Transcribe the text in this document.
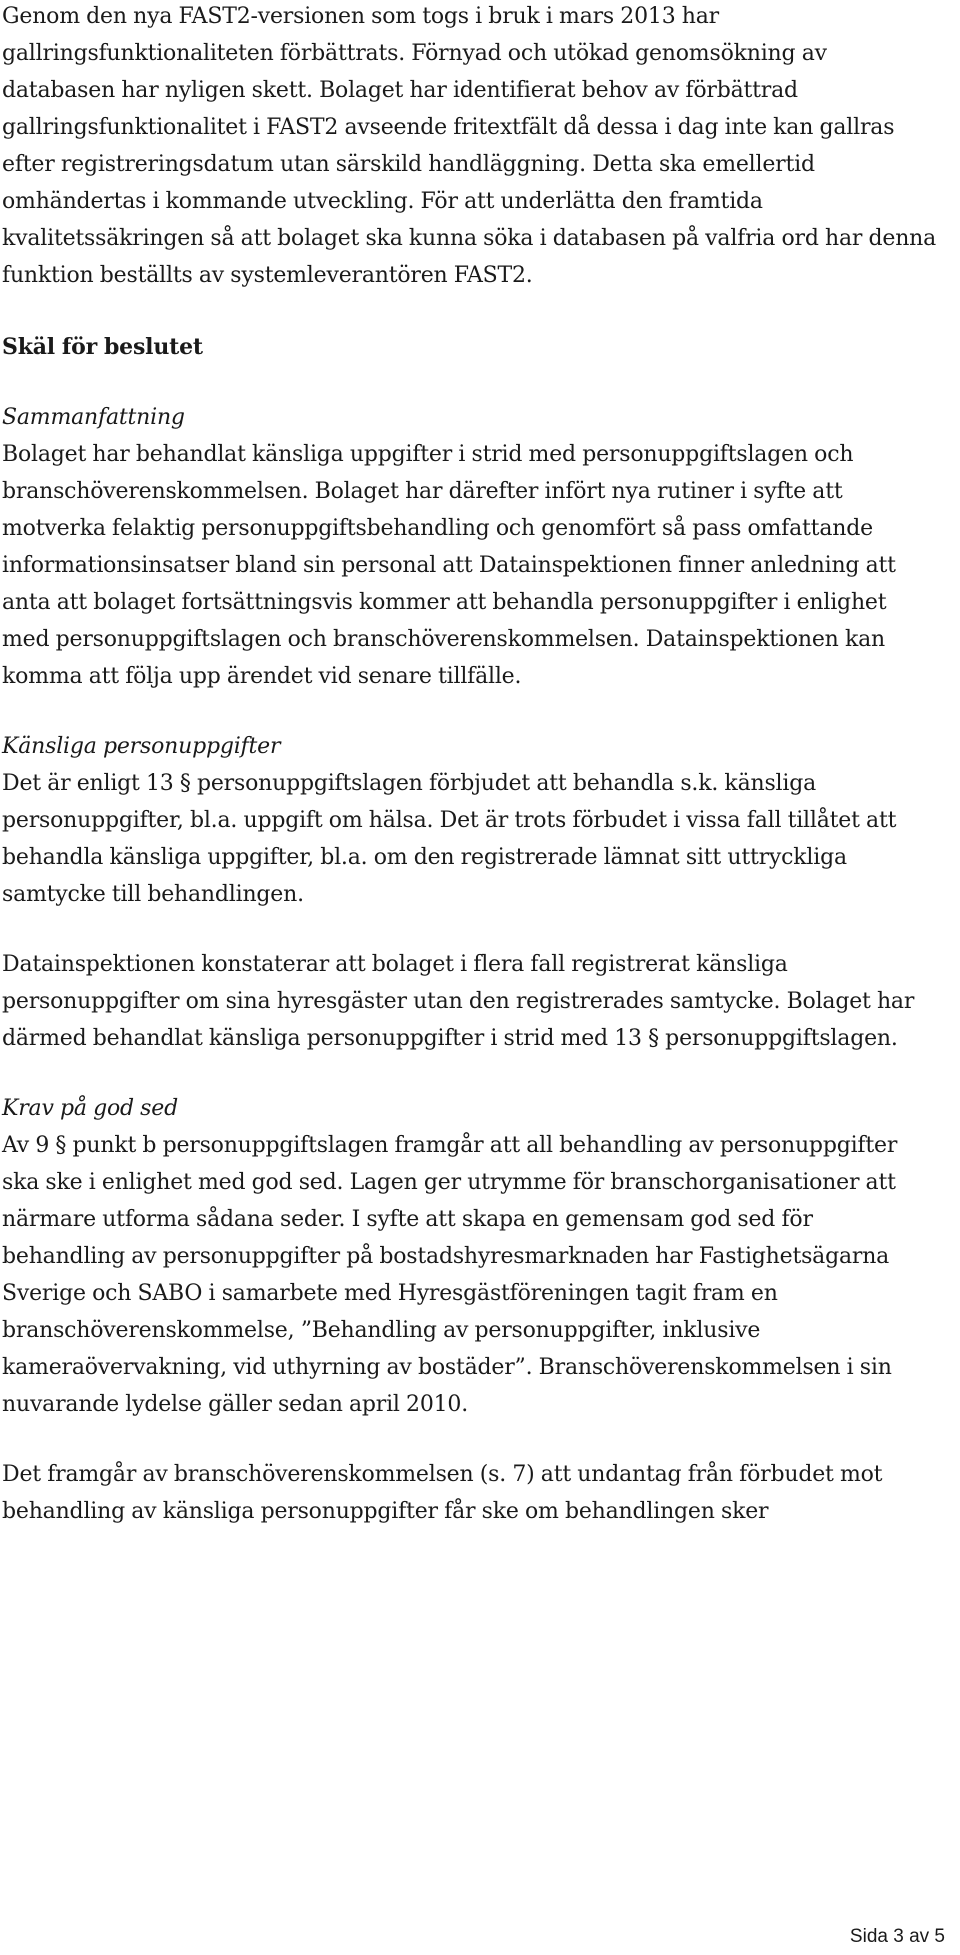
Genom den nya FAST2-versionen som togs i bruk i mars 2013 har gallringsfunktionaliteten förbättrats. Förnyad och utökad genomsökning av databasen har nyligen skett. Bolaget har identifierat behov av förbättrad gallringsfunktionalitet i FAST2 avseende fritextfält då dessa i dag inte kan gallras efter registreringsdatum utan särskild handläggning. Detta ska emellertid omhändertas i kommande utveckling. För att underlätta den framtida kvalitetssäkringen så att bolaget ska kunna söka i databasen på valfria ord har denna funktion beställts av systemleverantören FAST2.

Skäl för beslutet
Sammanfattning

Bolaget har behandlat känsliga uppgifter i strid med personuppgiftslagen och branschöverenskommelsen. Bolaget har därefter infört nya rutiner i syfte att motverka felaktig personuppgiftsbehandling och genomfört så pass omfattande informationsinsatser bland sin personal att Datainspektionen finner anledning att anta att bolaget fortsättningsvis kommer att behandla personuppgifter i enlighet med personuppgiftslagen och branschöverenskommelsen. Datainspektionen kan komma att följa upp ärendet vid senare tillfälle.

Känsliga personuppgifter

Det är enligt 13 § personuppgiftslagen förbjudet att behandla s.k. känsliga personuppgifter, bl.a. uppgift om hälsa. Det är trots förbudet i vissa fall tillåtet att behandla känsliga uppgifter, bl.a. om den registrerade lämnat sitt uttryckliga samtycke till behandlingen.

Datainspektionen konstaterar att bolaget i flera fall registrerat känsliga personuppgifter om sina hyresgäster utan den registrerades samtycke. Bolaget har därmed behandlat känsliga personuppgifter i strid med 13 § personuppgiftslagen.

Krav på god sed

Av 9 § punkt b personuppgiftslagen framgår att all behandling av personuppgifter ska ske i enlighet med god sed. Lagen ger utrymme för branschorganisationer att närmare utforma sådana seder. I syfte att skapa en gemensam god sed för behandling av personuppgifter på bostadshyresmarknaden har Fastighetsägarna Sverige och SABO i samarbete med Hyresgästföreningen tagit fram en branschöverenskommelse, ”Behandling av personuppgifter, inklusive kameraövervakning, vid uthyrning av bostäder”. Branschöverenskommelsen i sin nuvarande lydelse gäller sedan april 2010.

Det framgår av branschöverenskommelsen (s. 7) att undantag från förbudet mot behandling av känsliga personuppgifter får ske om behandlingen sker

Sida 3 av 5
